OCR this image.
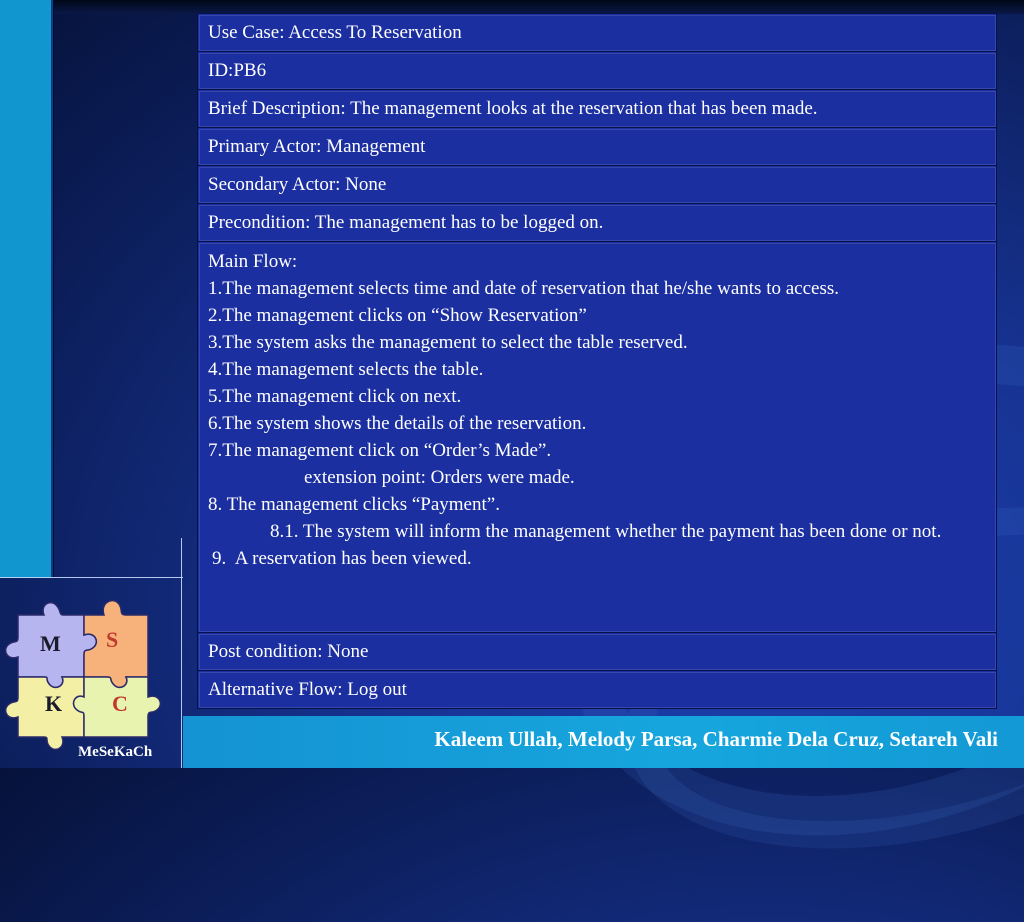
Use Case: Access To Reservation
ID:PB6
Brief Description: The management looks at the reservation that has been made.
Primary Actor: Management
Secondary Actor: None
Precondition: The management has to be logged on.

Main Flow:
1.The management selects time and date of reservation that he/she wants to access.
2.The management clicks on “Show Reservation”
3.The system asks the management to select the table reserved.
4.The management selects the table.
5.The management click on next.
6.The system shows the details of the reservation.
7.The management click on “Order’s Made”.
extension point: Orders were made.
8. The management clicks “Payment”.
8.1. The system will inform the management whether the payment has been done or not.
9.  A reservation has been viewed.

Post condition: None
Alternative Flow: Log out
Kaleem Ullah, Melody Parsa, Charmie Dela Cruz, Setareh Vali
M S
K C
MeSeKaCh
